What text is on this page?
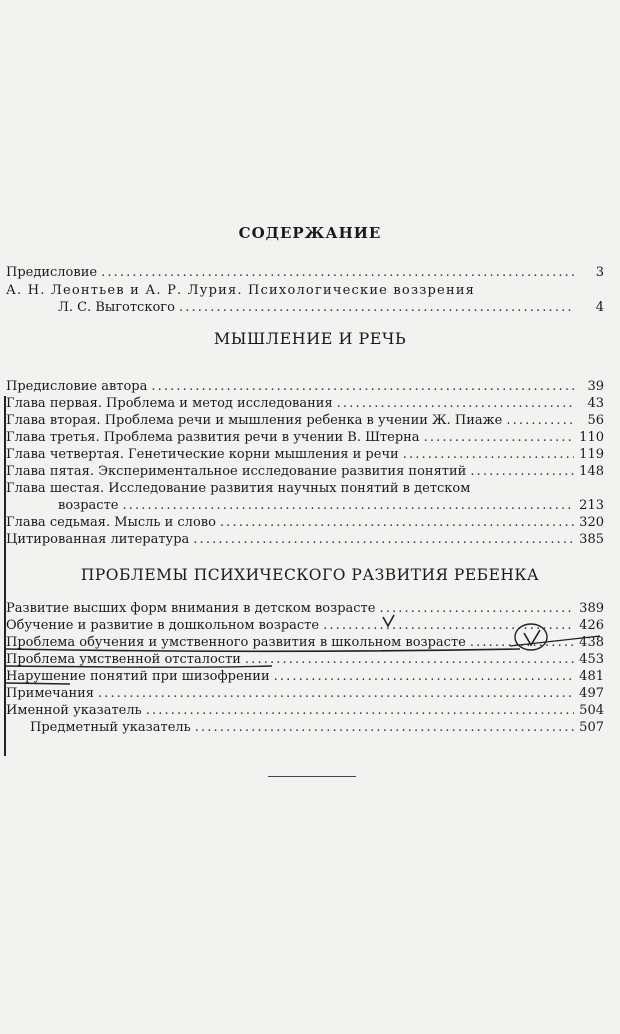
СОДЕРЖАНИЕ
Предисловие . . .	3
А. Н. Леонтьев и А. Р. Лурия. Психологические воззрения
Л. С. Выготского . . .	4
МЫШЛЕНИЕ И РЕЧЬ
Предисловие автора . . .	39
Глава первая. Проблема и метод исследования . . .	43
Глава вторая. Проблема речи и мышления ребенка в учении Ж. Пиаже . . .	56
Глава третья. Проблема развития речи в учении В. Штерна . . .	110
Глава четвертая. Генетические корни мышления и речи . . .	119
Глава пятая. Экспериментальное исследование развития понятий . . .	148
Глава шестая. Исследование развития научных понятий в детском
возрасте . . .	213
Глава седьмая. Мысль и слово . . .	320
Цитированная литература . . .	385
ПРОБЛЕМЫ ПСИХИЧЕСКОГО РАЗВИТИЯ РЕБЕНКА
Развитие высших форм внимания в детском возрасте . . .	389
Обучение и развитие в дошкольном возрасте . . .	426
Проблема обучения и умственного развития в школьном возрасте . . .	438
Проблема умственной отсталости . . .	453
Нарушение понятий при шизофрении . . .	481
Примечания . . .	497
Именной указатель . . .	504
Предметный указатель . . .	507
